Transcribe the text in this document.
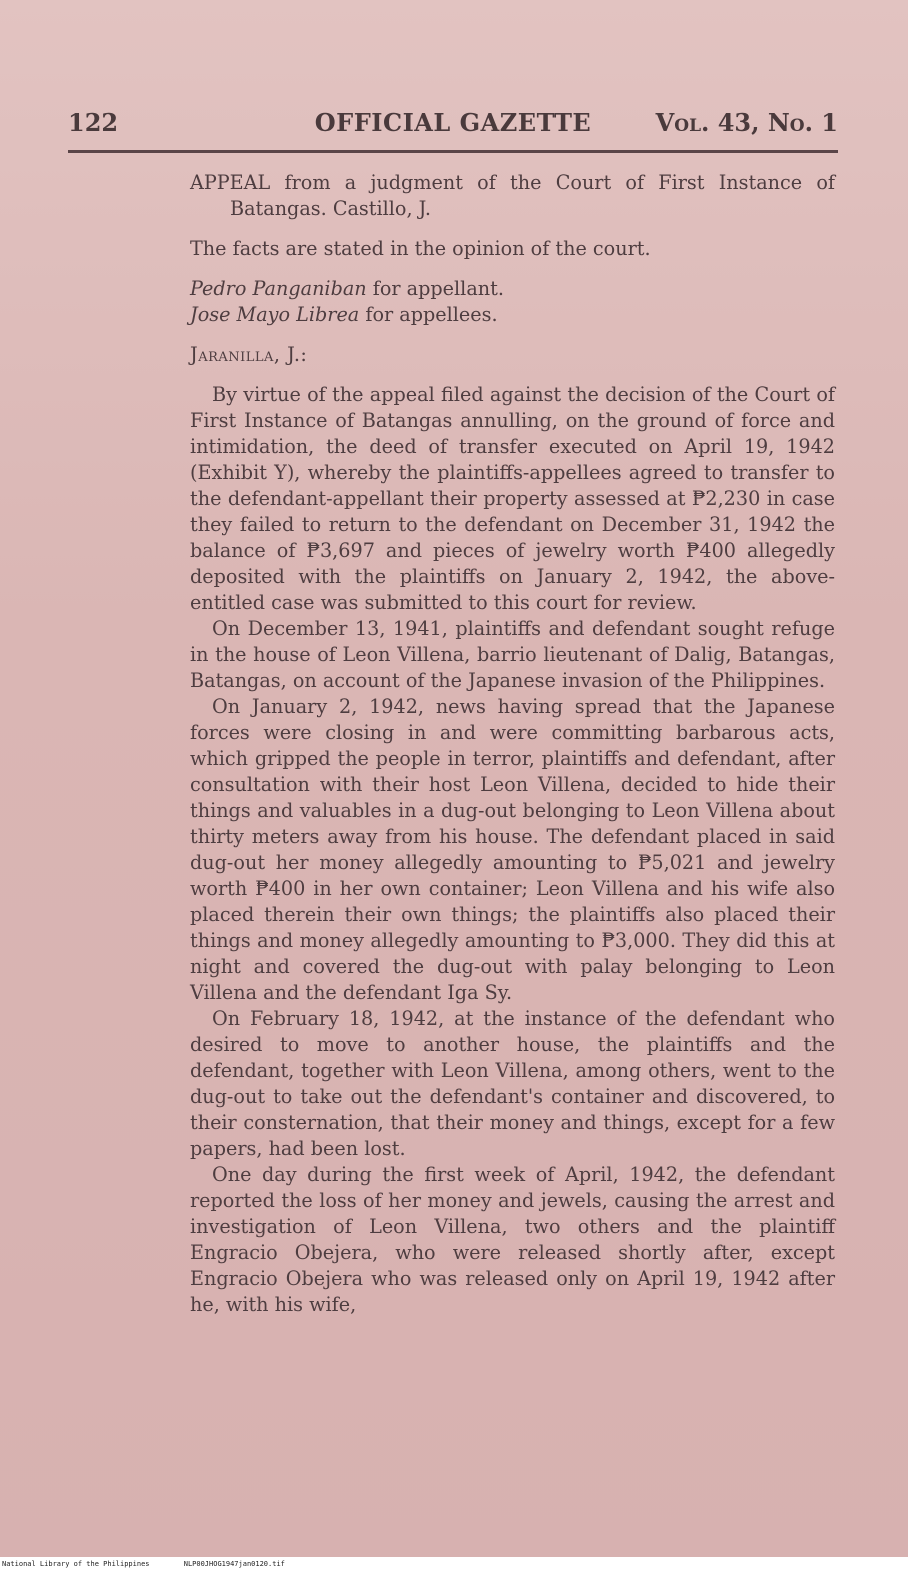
122	OFFICIAL GAZETTE	Vol. 43, No. 1

APPEAL from a judgment of the Court of First Instance of Batangas. Castillo, J.

The facts are stated in the opinion of the court.

Pedro Panganiban for appellant.

Jose Mayo Librea for appellees.

Jaranilla, J.:

By virtue of the appeal filed against the decision of the Court of First Instance of Batangas annulling, on the ground of force and intimidation, the deed of transfer executed on April 19, 1942 (Exhibit Y), whereby the plaintiffs-appellees agreed to transfer to the defendant-appellant their property assessed at ₱2,230 in case they failed to return to the defendant on December 31, 1942 the balance of ₱3,697 and pieces of jewelry worth ₱400 allegedly deposited with the plaintiffs on January 2, 1942, the above-entitled case was submitted to this court for review.

On December 13, 1941, plaintiffs and defendant sought refuge in the house of Leon Villena, barrio lieutenant of Dalig, Batangas, Batangas, on account of the Japanese invasion of the Philippines.

On January 2, 1942, news having spread that the Japanese forces were closing in and were committing barbarous acts, which gripped the people in terror, plaintiffs and defendant, after consultation with their host Leon Villena, decided to hide their things and valuables in a dug-out belonging to Leon Villena about thirty meters away from his house. The defendant placed in said dug-out her money allegedly amounting to ₱5,021 and jewelry worth ₱400 in her own container; Leon Villena and his wife also placed therein their own things; the plaintiffs also placed their things and money allegedly amounting to ₱3,000. They did this at night and covered the dug-out with palay belonging to Leon Villena and the defendant Iga Sy.

On February 18, 1942, at the instance of the defendant who desired to move to another house, the plaintiffs and the defendant, together with Leon Villena, among others, went to the dug-out to take out the defendant's container and discovered, to their consternation, that their money and things, except for a few papers, had been lost.

One day during the first week of April, 1942, the defendant reported the loss of her money and jewels, causing the arrest and investigation of Leon Villena, two others and the plaintiff Engracio Obejera, who were released shortly after, except Engracio Obejera who was released only on April 19, 1942 after he, with his wife,

National Library of the Philippines	NLP00JHOG1947jan0120.tif
